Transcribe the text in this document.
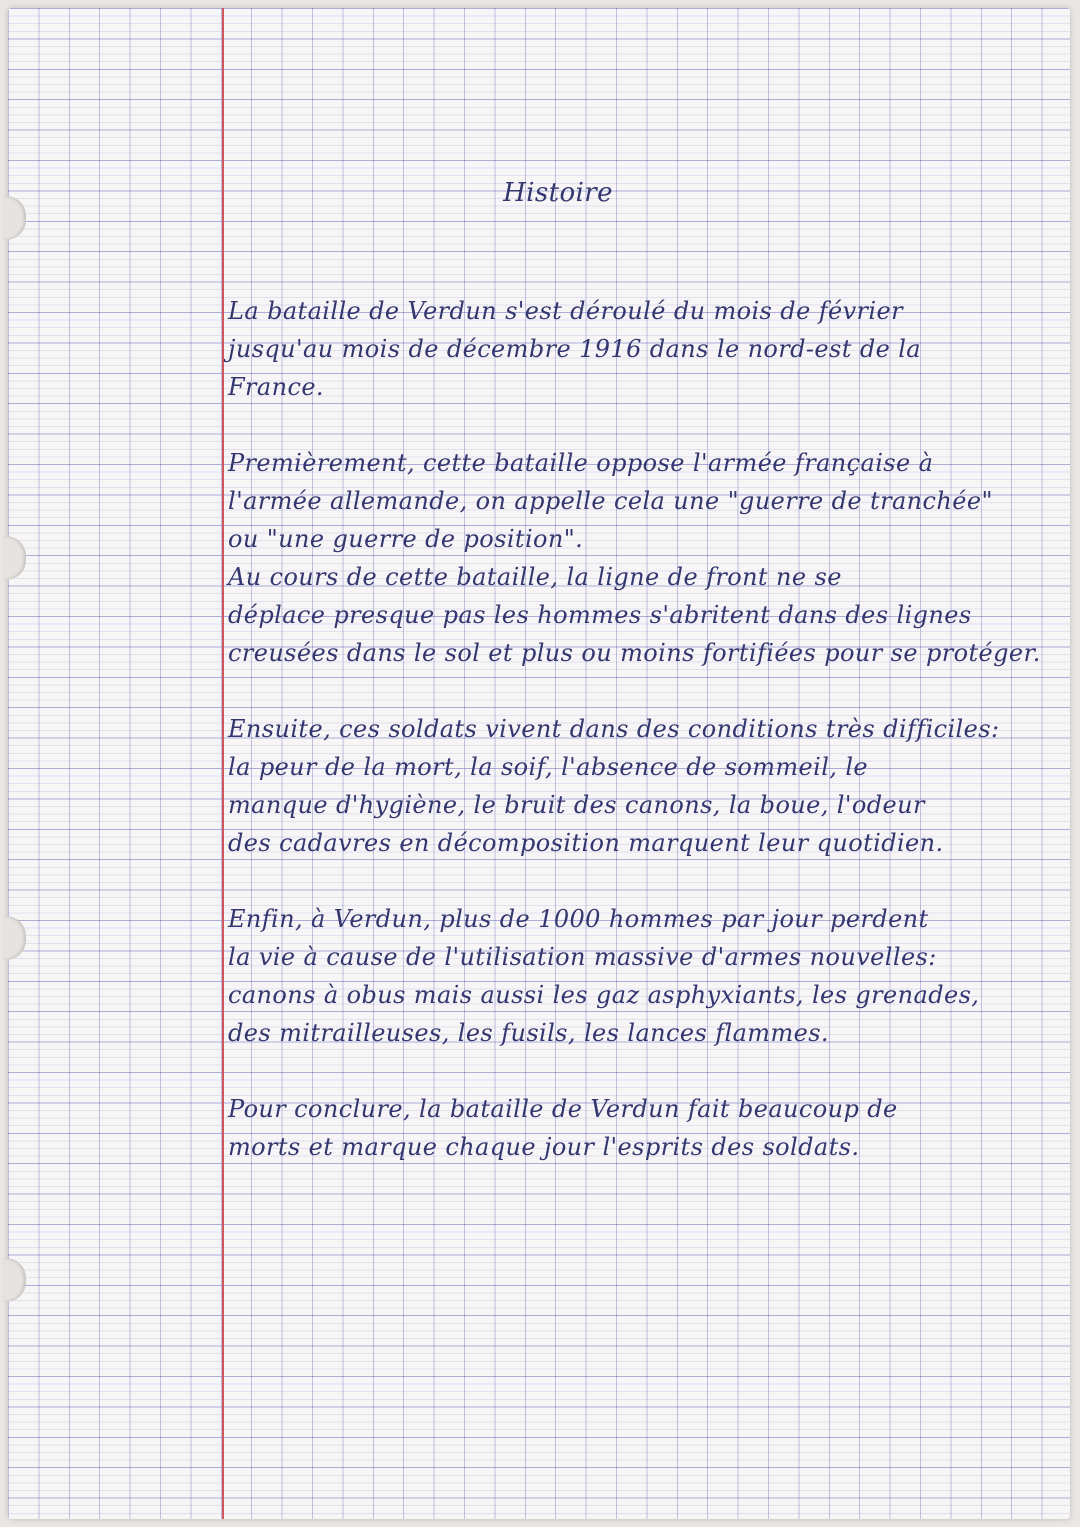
Histoire
La bataille de Verdun s'est déroulé du mois de février
jusqu'au mois de décembre 1916 dans le nord-est de la
France.
Premièrement, cette bataille oppose l'armée française à
l'armée allemande, on appelle cela une "guerre de tranchée"
ou "une guerre de position".
Au cours de cette bataille, la ligne de front ne se
déplace presque pas les hommes s'abritent dans des lignes
creusées dans le sol et plus ou moins fortifiées pour se protéger.
Ensuite, ces soldats vivent dans des conditions très difficiles:
la peur de la mort, la soif, l'absence de sommeil, le
manque d'hygiène, le bruit des canons, la boue, l'odeur
des cadavres en décomposition marquent leur quotidien.
Enfin, à Verdun, plus de 1000 hommes par jour perdent
la vie à cause de l'utilisation massive d'armes nouvelles:
canons à obus mais aussi les gaz asphyxiants, les grenades,
des mitrailleuses, les fusils, les lances flammes.
Pour conclure, la bataille de Verdun fait beaucoup de
morts et marque chaque jour l'esprits des soldats.
